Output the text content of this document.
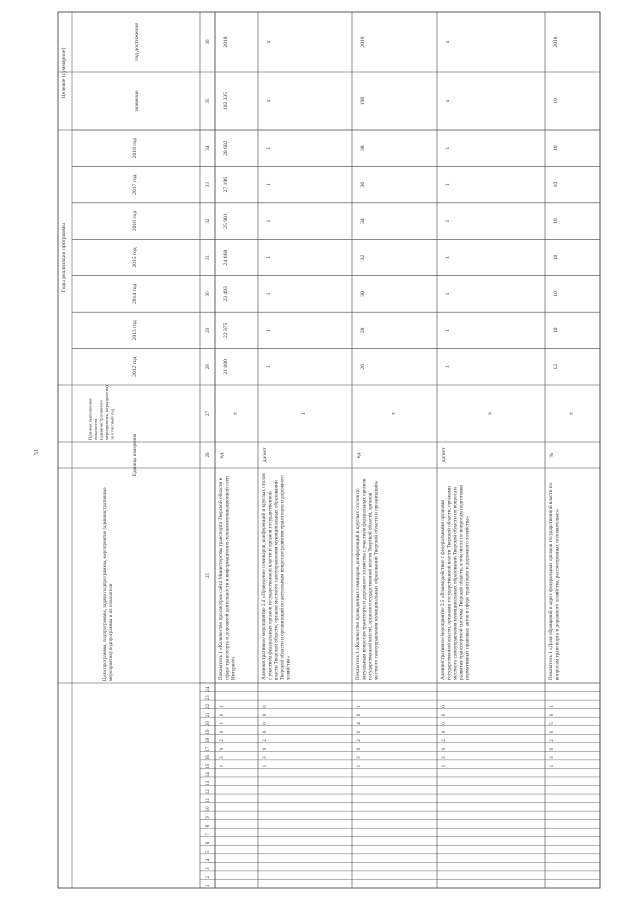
51
Целевое (суммарное)
Годы реализации программы
год достижения
значение
2012 год
2013 год
2014 год
2015 год
2016 год
2017 год
2018 год
Признак выполнения показателя (административного мероприятия, мероприятия) за отчетный год
Единица измерения
Цели программы, подпрограммы, задачи подпрограммы, мероприятия (административные мероприятия) подпрограммы и их показатели
1
2
3
4
5
6
7
8
9
10
11
12
13
14
15
16
17
18
19
20
21
22
23
24
25
26
27
28
29
30
31
32
33
34
35
36
Показатель 1 «Количество просмотров сайта Министерства транспорта Тверской области в сфере транспорта и дорожной деятельности в информационно-телекоммуникационной сети Интернет»
1
3
9
2
0
1
0
1
ед.
х
21 000
22 375
23 493
24 668
25 901
27 196
28 602
182 335
2018
Административное мероприятие 2.4 «Проведение семинаров, конференций и круглых столов с участием федеральных органов государственной власти и органов государственной власти Тверской области, органов местного самоуправления муниципальных образований Тверской области и организаций по актуальным вопросам развития транспорта и дорожного хозяйства»
1
3
9
2
0
0
0
0
да/нет
1
1
1
1
1
1
1
1
х
х
Показатель 1 «Количество проведенных семинаров, конференций и круглых столов по актуальным вопросам транспорта и дорожного хозяйства с участием федеральных органов государственной власти, органов государственной власти Тверской области, органов местного самоуправления муниципальных образований Тверской области и организаций»
1
3
9
2
0
4
0
1
ед.
х
26
28
30
32
34
36
38
198
2018
Административное мероприятие 2.5 «Взаимодействие с федеральными органами государственной власти, органами государственной власти Тверской области, органами местного самоуправления муниципальных образований Тверской области по вопросам развития транспортной системы Тверской области, в том числе по вопросам подготовки нормативных правовых актов в сфере транспорта и дорожного хозяйства»
1
3
9
2
0
0
0
0
да/нет
х
1
1
1
1
1
1
1
х
х
Показатель 1 «Доля обращений в адрес федеральных органов государственной власти по вопросам транспорта и дорожного хозяйства, рассмотренных положительно»
1
3
9
2
0
5
0
1
%
х
12
10
10
10
10
10
10
10
2018
